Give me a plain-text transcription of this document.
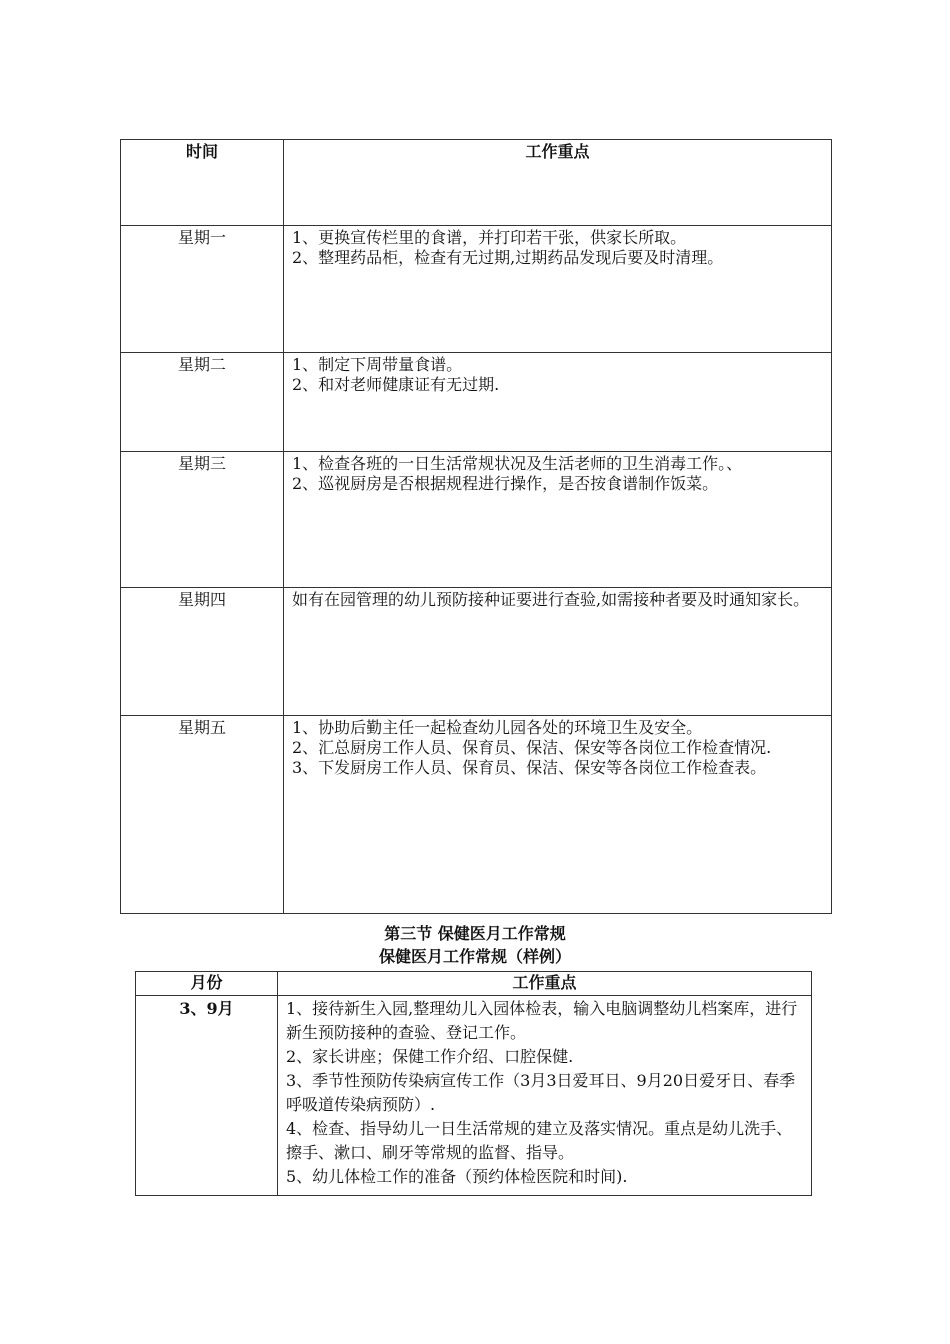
时间	工作重点
星期一	1、更换宣传栏里的食谱，并打印若干张，供家长所取。
2、整理药品柜，检查有无过期,过期药品发现后要及时清理。

星期二	1、制定下周带量食谱。
2、和对老师健康证有无过期.

星期三	1、检查各班的一日生活常规状况及生活老师的卫生消毒工作。、
2、巡视厨房是否根据规程进行操作，是否按食谱制作饭菜。

星期四	如有在园管理的幼儿预防接种证要进行查验,如需接种者要及时通知家长。

星期五	1、协助后勤主任一起检查幼儿园各处的环境卫生及安全。
2、汇总厨房工作人员、保育员、保洁、保安等各岗位工作检查情况.
3、下发厨房工作人员、保育员、保洁、保安等各岗位工作检查表。
第三节 保健医月工作常规
保健医月工作常规（样例）
月份	工作重点
3、9月	1、接待新生入园,整理幼儿入园体检表，输入电脑调整幼儿档案库，进行新生预防接种的查验、登记工作。
2、家长讲座；保健工作介绍、口腔保健.
3、季节性预防传染病宣传工作（3月3日爱耳日、9月20日爱牙日、春季呼吸道传染病预防）.
4、检查、指导幼儿一日生活常规的建立及落实情况。重点是幼儿洗手、擦手、漱口、刷牙等常规的监督、指导。
5、幼儿体检工作的准备（预约体检医院和时间).
